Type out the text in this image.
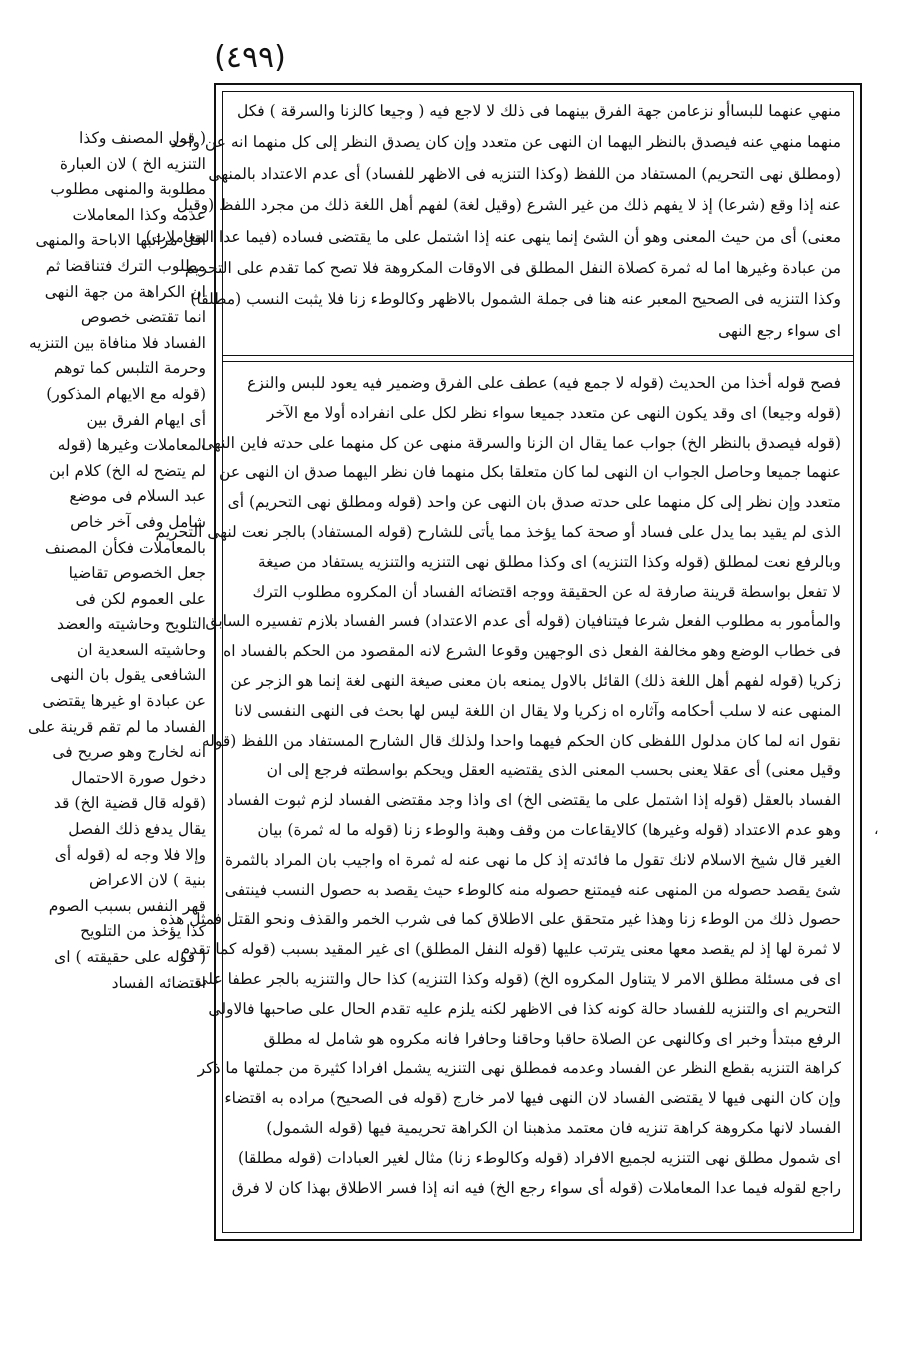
(٤٩٩)

منهي عنهما للبساأو نزعامن جهة الفرق بينهما فى ذلك لا لاجع فيه ( وجيعا كالزنا والسرقة ) فكل

منهما منهي عنه فيصدق بالنظر اليهما ان النهى عن متعدد وإن كان يصدق النظر إلى كل منهما انه عن واحد

(ومطلق نهى التحريم) المستفاد من اللفظ (وكذا التنزيه فى الاظهر للفساد) أى عدم الاعتداد بالمنهى

عنه إذا وقع (شرعا) إذ لا يفهم ذلك من غير الشرع (وقيل لغة) لفهم أهل اللغة ذلك من مجرد اللفظ (وقيل

معنى) أى من حيث المعنى وهو أن الشئ إنما ينهى عنه إذا اشتمل على ما يقتضى فساده (فيما عدا المعاملات)

من عبادة وغيرها اما له ثمرة كصلاة النفل المطلق فى الاوقات المكروهة فلا تصح كما تقدم على التحريم

وكذا التنزيه فى الصحيح المعبر عنه هنا فى جملة الشمول بالاظهر وكالوطء زنا فلا يثبت النسب (مطلقا)

اى سواء رجع النهى

فصح قوله أخذا من الحديث (قوله لا جمع فيه) عطف على الفرق وضمير فيه يعود للبس والنزع

(قوله وجيعا) اى وقد يكون النهى عن متعدد جميعا سواء نظر لكل على انفراده أولا مع الآخر

(قوله فيصدق بالنظر الخ) جواب عما يقال ان الزنا والسرقة منهى عن كل منهما على حدته فاين النهى

عنهما جميعا وحاصل الجواب ان النهى لما كان متعلقا بكل منهما فان نظر اليهما صدق ان النهى عن

متعدد وإن نظر إلى كل منهما على حدته صدق بان النهى عن واحد (قوله ومطلق نهى التحريم) أى

الذى لم يقيد بما يدل على فساد أو صحة كما يؤخذ مما يأتى للشارح (قوله المستفاد) بالجر نعت لنهى التحريم

وبالرفع نعت لمطلق (قوله وكذا التنزيه) اى وكذا مطلق نهى التنزيه والتنزيه يستفاد من صيغة

لا تفعل بواسطة قرينة صارفة له عن الحقيقة ووجه اقتضائه الفساد أن المكروه مطلوب الترك

والمأمور به مطلوب الفعل شرعا فيتنافيان (قوله أى عدم الاعتداد) فسر الفساد بلازم تفسيره السابق

فى خطاب الوضع وهو مخالفة الفعل ذى الوجهين وقوعا الشرع لانه المقصود من الحكم بالفساد اه

زكريا (قوله لفهم أهل اللغة ذلك) القائل بالاول يمنعه بان معنى صيغة النهى لغة إنما هو الزجر عن

المنهى عنه لا سلب أحكامه وآثاره اه زكريا ولا يقال ان اللغة ليس لها بحث فى النهى النفسى لانا

نقول انه لما كان مدلول اللفظى كان الحكم فيهما واحدا ولذلك قال الشارح المستفاد من اللفظ (قوله

وقيل معنى) أى عقلا يعنى بحسب المعنى الذى يقتضيه العقل ويحكم بواسطته فرجع إلى ان

الفساد بالعقل (قوله إذا اشتمل على ما يقتضى الخ) اى واذا وجد مقتضى الفساد لزم ثبوت الفساد

وهو عدم الاعتداد (قوله وغيرها) كالايقاعات من وقف وهبة والوطء زنا (قوله ما له ثمرة) بيان

الغير قال شيخ الاسلام لانك تقول ما فائدته إذ كل ما نهى عنه له ثمرة اه واجيب بان المراد بالثمرة

شئ يقصد حصوله من المنهى عنه فيمتنع حصوله منه كالوطء حيث يقصد به حصول النسب فينتفى

حصول ذلك من الوطء زنا وهذا غير متحقق على الاطلاق كما فى شرب الخمر والقذف ونحو القتل فمثل هذه

لا ثمرة لها إذ لم يقصد معها معنى يترتب عليها (قوله النفل المطلق) اى غير المقيد بسبب (قوله كما تقدم

اى فى مسئلة مطلق الامر لا يتناول المكروه الخ) (قوله وكذا التنزيه) كذا حال والتنزيه بالجر عطفا على

التحريم اى والتنزيه للفساد حالة كونه كذا فى الاظهر لكنه يلزم عليه تقدم الحال على صاحبها فالاولى

الرفع مبتدأ وخبر اى وكالنهى عن الصلاة حاقبا وحاقنا وحافرا فانه مكروه هو شامل له مطلق

كراهة التنزيه بقطع النظر عن الفساد وعدمه فمطلق نهى التنزيه يشمل افرادا كثيرة من جملتها ما ذكر

وإن كان النهى فيها لا يقتضى الفساد لان النهى فيها لامر خارج (قوله فى الصحيح) مراده به اقتضاء

الفساد لانها مكروهة كراهة تنزيه فان معتمد مذهبنا ان الكراهة تحريمية فيها (قوله الشمول)

اى شمول مطلق نهى التنزيه لجميع الافراد (قوله وكالوطء زنا) مثال لغير العبادات (قوله مطلقا)

راجع لقوله فيما عدا المعاملات (قوله أى سواء رجع الخ) فيه انه إذا فسر الاطلاق بهذا كان لا فرق

( قول المصنف وكذا

التنزيه الخ ) لان العبارة

مطلوبة والمنهى مطلوب

عدمه وكذا المعاملات

اقل مراتبها الاباحة والمنهى

مطلوب الترك فتناقضا ثم

ان الكراهة من جهة النهى

انما تقتضى خصوص

الفساد فلا منافاة بين التنزيه

وحرمة التلبس كما توهم

(قوله مع الايهام المذكور)

أى ايهام الفرق بين

المعاملات وغيرها (قوله

لم يتضح له الخ) كلام ابن

عبد السلام فى موضع

شامل وفى آخر خاص

بالمعاملات فكأن المصنف

جعل الخصوص تقاضيا

على العموم لكن فى

التلويح وحاشيته والعضد

وحاشيته السعدية ان

الشافعى يقول بان النهى

عن عبادة او غيرها يقتضى

الفساد ما لم تقم قرينة على

انه لخارج وهو صريح فى

دخول صورة الاحتمال

(قوله قال قضية الخ) قد

يقال يدفع ذلك الفصل

وإلا فلا وجه له (قوله أى

بنية ) لان الاعراض

قهر النفس بسبب الصوم

كذا يؤخذ من التلويح

( قوله على حقيقته ) اى

اقتضائه الفساد

،
